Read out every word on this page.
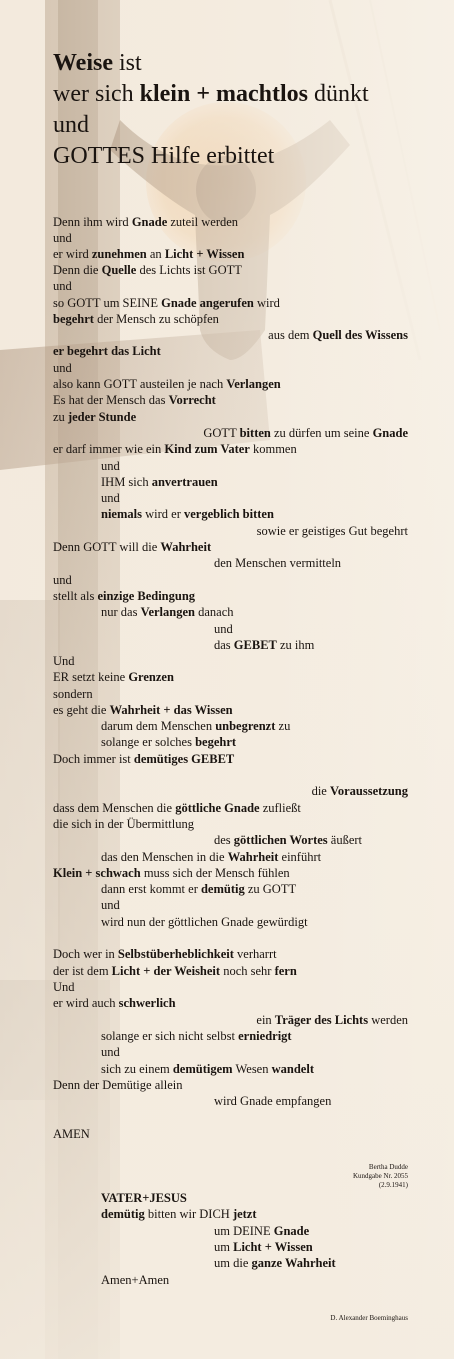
Weise ist
wer sich klein + machtlos dünkt
und
GOTTES Hilfe erbittet
Denn ihm wird Gnade zuteil werden
und
er wird zunehmen an Licht + Wissen
Denn die Quelle des Lichts ist GOTT
und
so GOTT um SEINE Gnade angerufen wird
begehrt der Mensch zu schöpfen
aus dem Quell des Wissens
er begehrt das Licht
und
also kann GOTT austeilen je nach Verlangen
Es hat der Mensch das Vorrecht
zu jeder Stunde
GOTT bitten zu dürfen um seine Gnade
er darf immer wie ein Kind zum Vater kommen
und
IHM sich anvertrauen
und
niemals wird er vergeblich bitten
sowie er geistiges Gut begehrt
Denn GOTT will die Wahrheit
den Menschen vermitteln
und
stellt als einzige Bedingung
nur das Verlangen danach
und
das GEBET zu ihm
Und
ER setzt keine Grenzen
sondern
es geht die Wahrheit + das Wissen
darum dem Menschen unbegrenzt zu
solange er solches begehrt
Doch immer ist demütiges GEBET
die Voraussetzung
dass dem Menschen die göttliche Gnade zufließt
die sich in der Übermittlung
des göttlichen Wortes äußert
das den Menschen in die Wahrheit einführt
Klein + schwach muss sich der Mensch fühlen
dann erst kommt er demütig zu GOTT
und
wird nun der göttlichen Gnade gewürdigt
Doch wer in Selbstüberheblichkeit verharrt
der ist dem Licht + der Weisheit noch sehr fern
Und
er wird auch schwerlich
ein Träger des Lichts werden
solange er sich nicht selbst erniedrigt
und
sich zu einem demütigem Wesen wandelt
Denn der Demütige allein
wird Gnade empfangen
AMEN
VATER+JESUS
demütig bitten wir DICH jetzt
um DEINE Gnade
um Licht + Wissen
um die ganze Wahrheit
Amen+Amen
Bertha Dudde
Kundgabe Nr. 2055
(2.9.1941)
D. Alexander Boeminghaus
